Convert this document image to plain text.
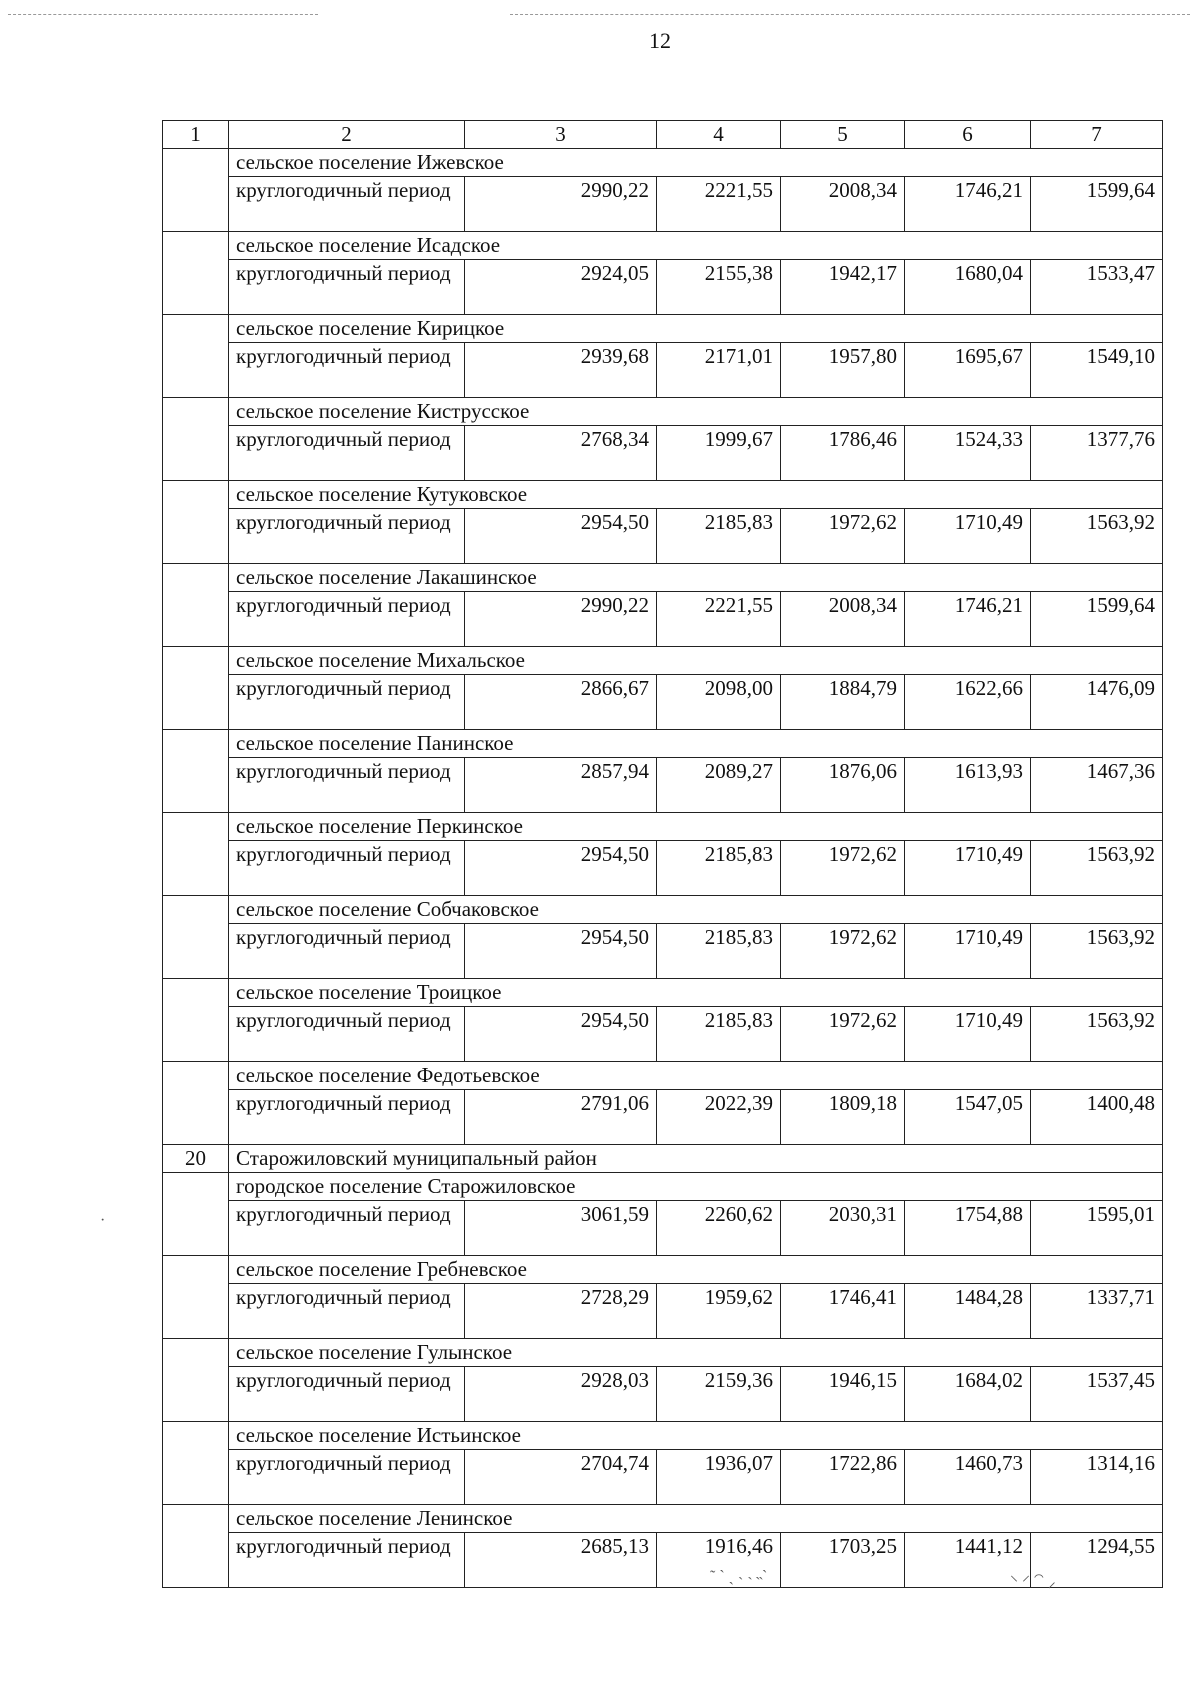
12
1	2	3	4	5	6	7
	сельское поселение Ижевское					
	круглогодичный период	2990,22	2221,55	2008,34	1746,21	1599,64
	сельское поселение Исадское					
	круглогодичный период	2924,05	2155,38	1942,17	1680,04	1533,47
	сельское поселение Кирицкое					
	круглогодичный период	2939,68	2171,01	1957,80	1695,67	1549,10
	сельское поселение Киструсское					
	круглогодичный период	2768,34	1999,67	1786,46	1524,33	1377,76
	сельское поселение Кутуковское					
	круглогодичный период	2954,50	2185,83	1972,62	1710,49	1563,92
	сельское поселение Лакашинское					
	круглогодичный период	2990,22	2221,55	2008,34	1746,21	1599,64
	сельское поселение Михальское					
	круглогодичный период	2866,67	2098,00	1884,79	1622,66	1476,09
	сельское поселение Панинское					
	круглогодичный период	2857,94	2089,27	1876,06	1613,93	1467,36
	сельское поселение Перкинское					
	круглогодичный период	2954,50	2185,83	1972,62	1710,49	1563,92
	сельское поселение Собчаковское					
	круглогодичный период	2954,50	2185,83	1972,62	1710,49	1563,92
	сельское поселение Троицкое					
	круглогодичный период	2954,50	2185,83	1972,62	1710,49	1563,92
	сельское поселение Федотьевское					
	круглогодичный период	2791,06	2022,39	1809,18	1547,05	1400,48
20	Старожиловский муниципальный район					
	городское поселение Старожиловское					
	круглогодичный период	3061,59	2260,62	2030,31	1754,88	1595,01
	сельское поселение Гребневское					
	круглогодичный период	2728,29	1959,62	1746,41	1484,28	1337,71
	сельское поселение Гулынское					
	круглогодичный период	2928,03	2159,36	1946,15	1684,02	1537,45
	сельское поселение Истьинское					
	круглогодичный период	2704,74	1936,07	1722,86	1460,73	1314,16
	сельское поселение Ленинское					
	круглогодичный период	2685,13	1916,46	1703,25	1441,12	1294,55
·
˜ ˋ ˎ ˴ ˴ ˵ˋ	⸌ ⸍ ⁀ ⸝
